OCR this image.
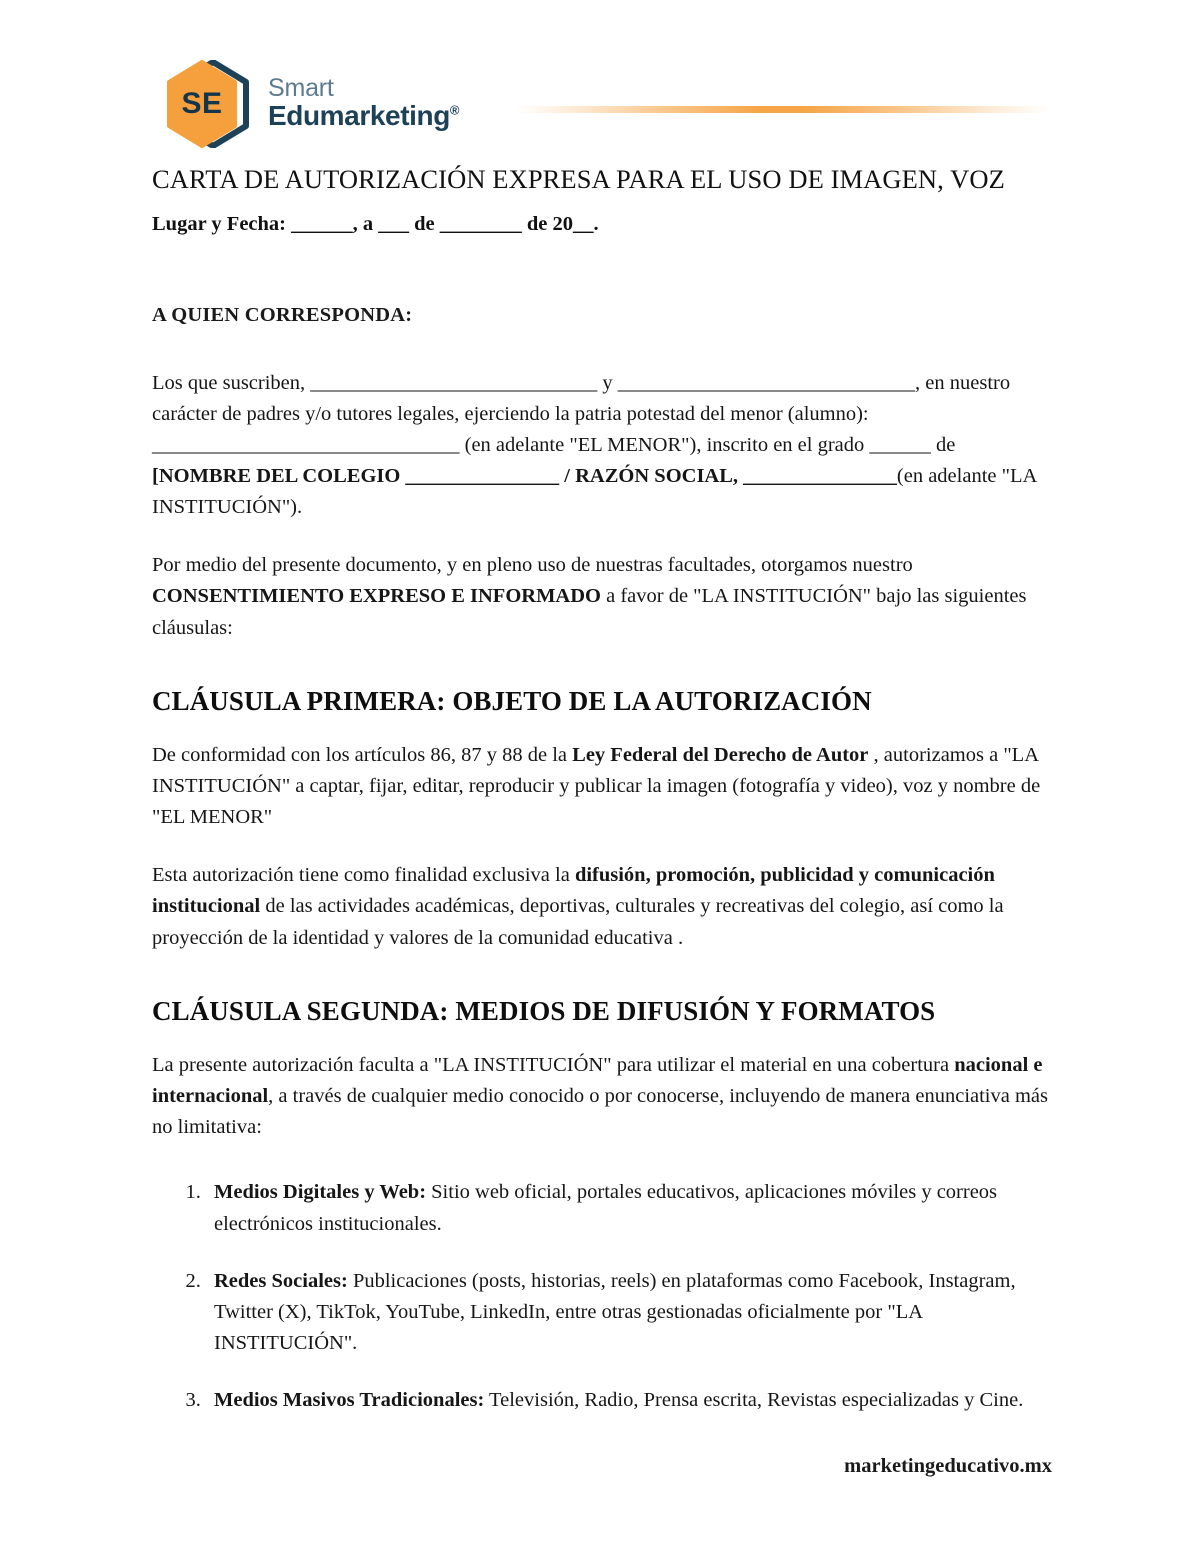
SE	Smart
Edumarketing®
CARTA DE AUTORIZACIÓN EXPRESA PARA EL USO DE IMAGEN, VOZ

Lugar y Fecha: ______, a ___ de ________ de 20__.

A QUIEN CORRESPONDA:

Los que suscriben, ____________________________ y _____________________________, en nuestro carácter de padres y/o tutores legales, ejerciendo la patria potestad del menor (alumno): ______________________________ (en adelante "EL MENOR"), inscrito en el grado ______ de [NOMBRE DEL COLEGIO _______________ / RAZÓN SOCIAL, _______________(en adelante "LA INSTITUCIÓN").

Por medio del presente documento, y en pleno uso de nuestras facultades, otorgamos nuestro CONSENTIMIENTO EXPRESO E INFORMADO a favor de "LA INSTITUCIÓN" bajo las siguientes cláusulas:

CLÁUSULA PRIMERA: OBJETO DE LA AUTORIZACIÓN

De conformidad con los artículos 86, 87 y 88 de la Ley Federal del Derecho de Autor , autorizamos a "LA INSTITUCIÓN" a captar, fijar, editar, reproducir y publicar la imagen (fotografía y video), voz y nombre de "EL MENOR"

Esta autorización tiene como finalidad exclusiva la difusión, promoción, publicidad y comunicación institucional de las actividades académicas, deportivas, culturales y recreativas del colegio, así como la proyección de la identidad y valores de la comunidad educativa .

CLÁUSULA SEGUNDA: MEDIOS DE DIFUSIÓN Y FORMATOS

La presente autorización faculta a "LA INSTITUCIÓN" para utilizar el material en una cobertura nacional e internacional, a través de cualquier medio conocido o por conocerse, incluyendo de manera enunciativa más no limitativa:

1. Medios Digitales y Web: Sitio web oficial, portales educativos, aplicaciones móviles y correos electrónicos institucionales.
2. Redes Sociales: Publicaciones (posts, historias, reels) en plataformas como Facebook, Instagram, Twitter (X), TikTok, YouTube, LinkedIn, entre otras gestionadas oficialmente por "LA INSTITUCIÓN".
3. Medios Masivos Tradicionales: Televisión, Radio, Prensa escrita, Revistas especializadas y Cine.
marketingeducativo.mx
